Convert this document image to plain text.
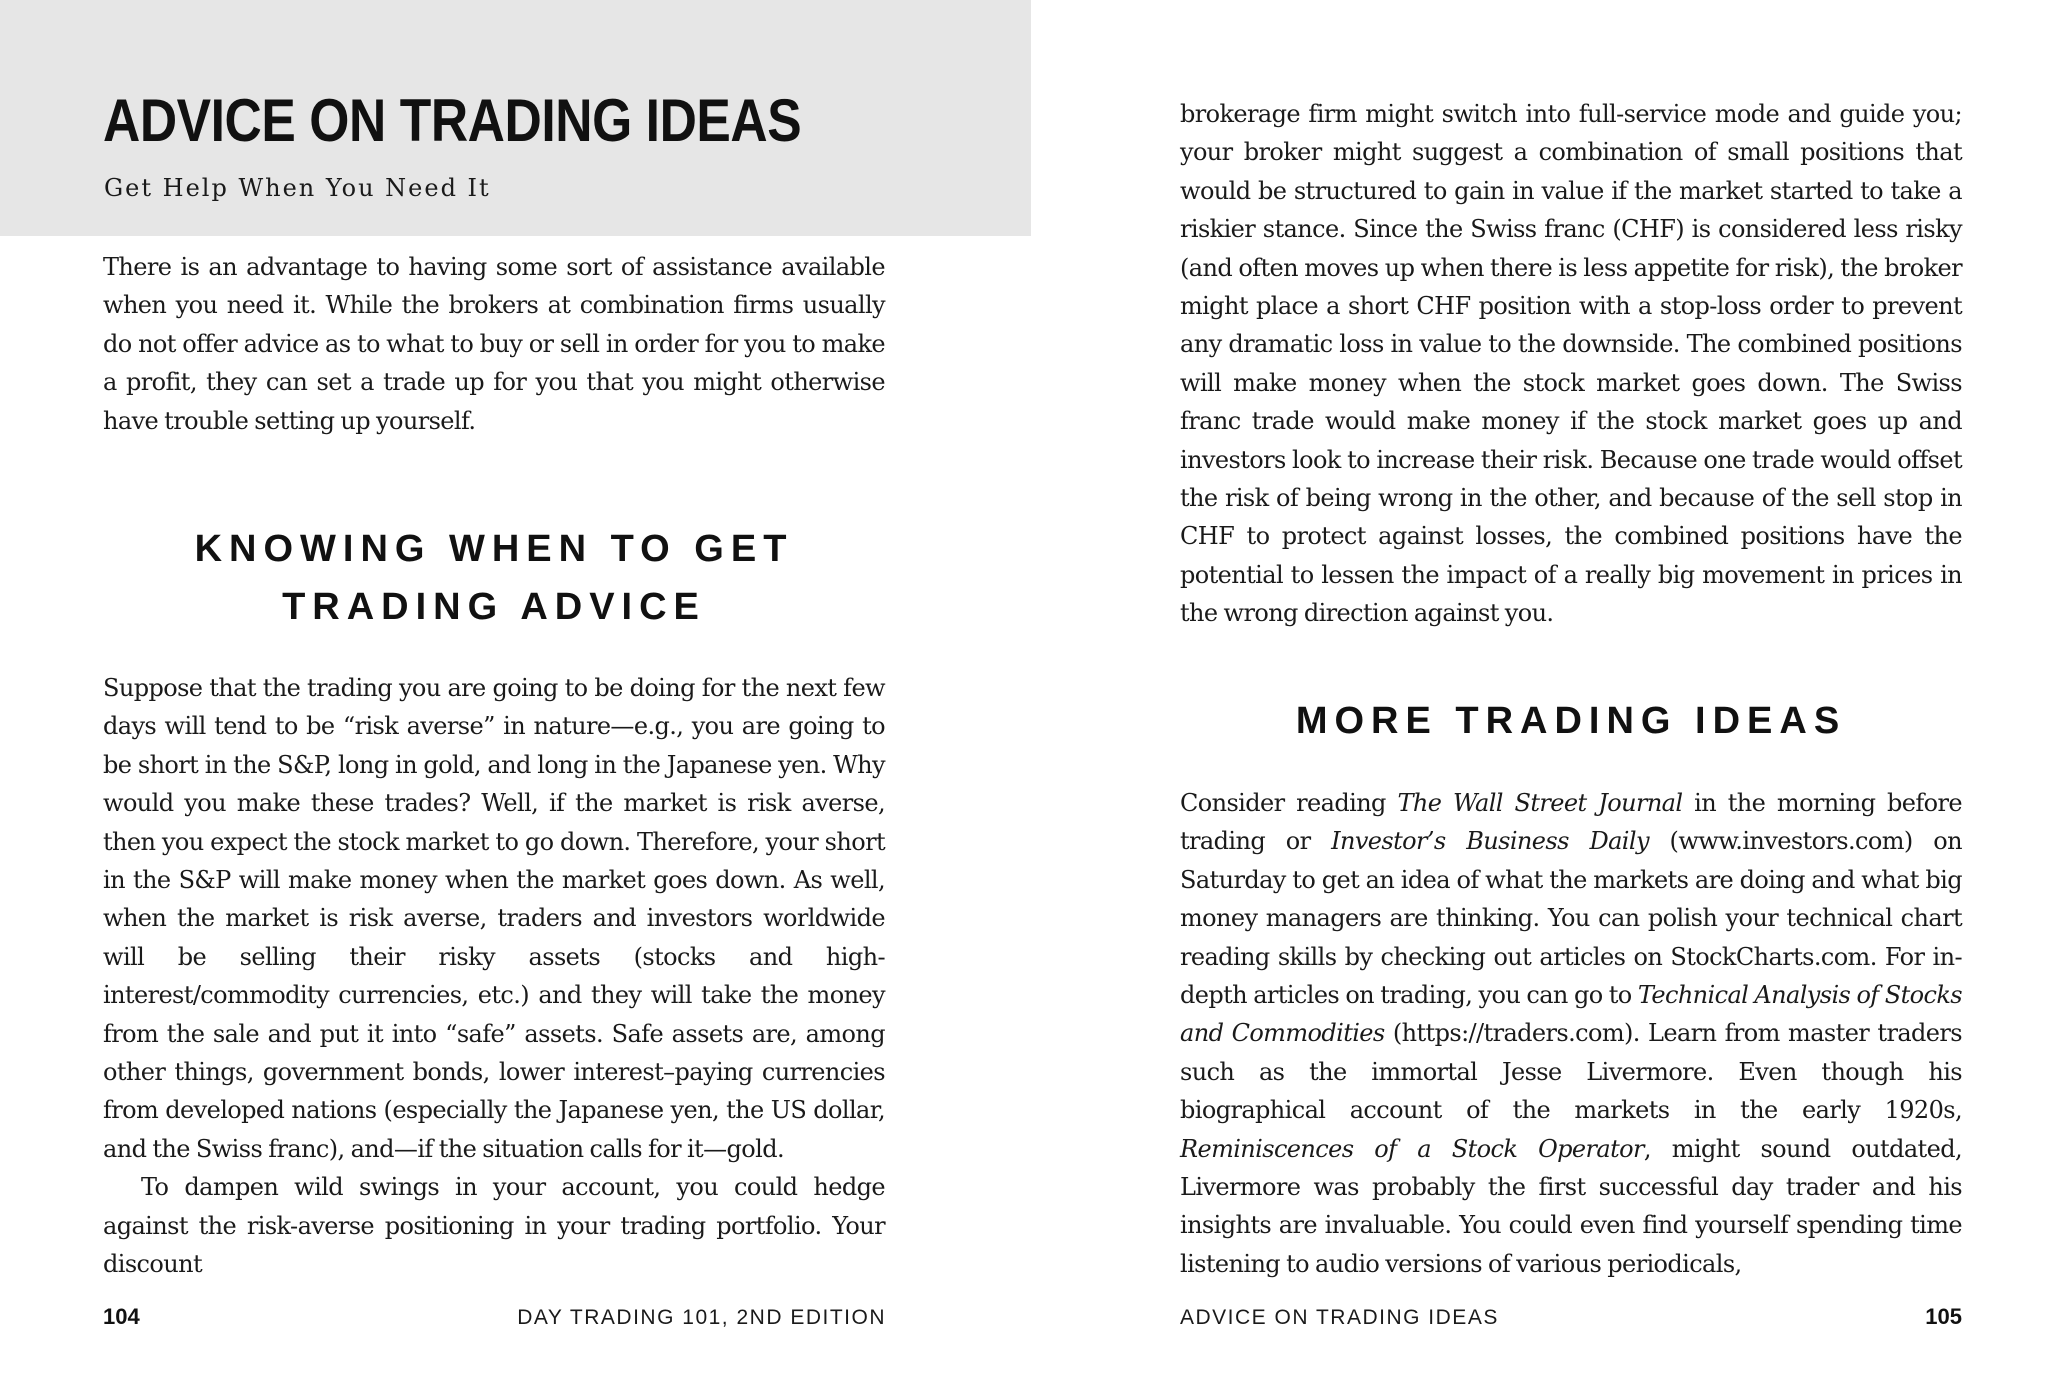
ADVICE ON TRADING IDEAS
Get Help When You Need It

There is an advantage to having some sort of assistance available when you need it. While the brokers at combination firms usually do not offer advice as to what to buy or sell in order for you to make a profit, they can set a trade up for you that you might otherwise have trouble setting up yourself.

KNOWING WHEN TO GET
TRADING ADVICE

Suppose that the trading you are going to be doing for the next few days will tend to be “risk averse” in nature—e.g., you are going to be short in the S&P, long in gold, and long in the Japanese yen. Why would you make these trades? Well, if the market is risk averse, then you expect the stock market to go down. Therefore, your short in the S&P will make money when the market goes down. As well, when the market is risk averse, traders and investors worldwide will be selling their risky assets (stocks and high-interest/commodity currencies, etc.) and they will take the money from the sale and put it into “safe” assets. Safe assets are, among other things, government bonds, lower interest–paying currencies from developed nations (especially the Japanese yen, the US dollar, and the Swiss franc), and—if the situation calls for it—gold.

To dampen wild swings in your account, you could hedge against the risk-averse positioning in your trading portfolio. Your discount

104	DAY TRADING 101, 2ND EDITION

brokerage firm might switch into full-service mode and guide you; your broker might suggest a combination of small positions that would be structured to gain in value if the market started to take a riskier stance. Since the Swiss franc (CHF) is considered less risky (and often moves up when there is less appetite for risk), the broker might place a short CHF position with a stop-loss order to prevent any dramatic loss in value to the downside. The combined positions will make money when the stock market goes down. The Swiss franc trade would make money if the stock market goes up and investors look to increase their risk. Because one trade would offset the risk of being wrong in the other, and because of the sell stop in CHF to protect against losses, the combined positions have the potential to lessen the impact of a really big movement in prices in the wrong direction against you.

MORE TRADING IDEAS

Consider reading The Wall Street Journal in the morning before trading or Investor’s Business Daily (www.investors.com) on Saturday to get an idea of what the markets are doing and what big money managers are thinking. You can polish your technical chart reading skills by checking out articles on StockCharts.com. For in-depth articles on trading, you can go to Technical Analysis of Stocks and Commodities (https://traders.com). Learn from master traders such as the immortal Jesse Livermore. Even though his biographical account of the markets in the early 1920s, Reminiscences of a Stock Operator, might sound outdated, Livermore was probably the first successful day trader and his insights are invaluable. You could even find yourself spending time listening to audio versions of various periodicals,

ADVICE ON TRADING IDEAS	105
